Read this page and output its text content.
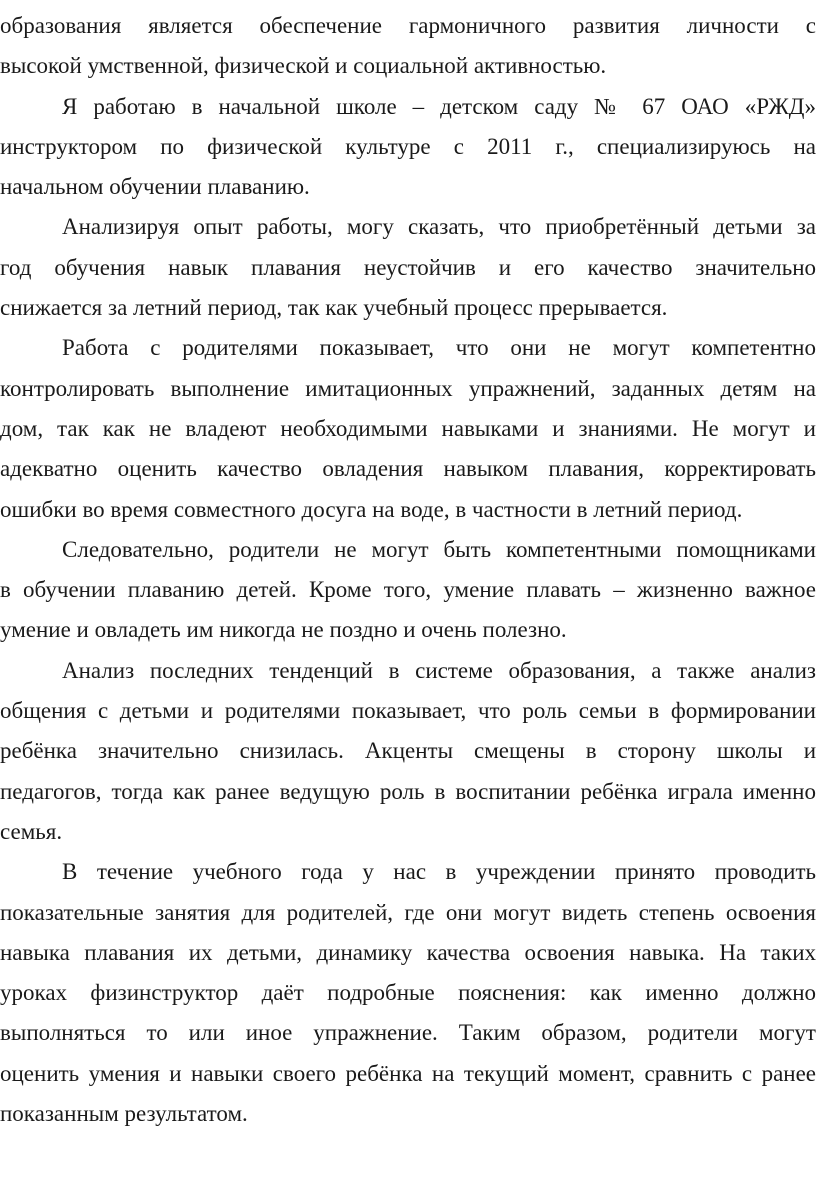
образования является обеспечение гармоничного развития личности с
высокой умственной, физической и социальной активностью.

Я работаю в начальной школе – детском саду № 67 ОАО «РЖД»
инструктором по физической культуре с 2011 г., специализируюсь на
начальном обучении плаванию.

Анализируя опыт работы, могу сказать, что приобретённый детьми за
год обучения навык плавания неустойчив и его качество значительно
снижается за летний период, так как учебный процесс прерывается.

Работа с родителями показывает, что они не могут компетентно
контролировать выполнение имитационных упражнений, заданных детям на
дом, так как не владеют необходимыми навыками и знаниями. Не могут и
адекватно оценить качество овладения навыком плавания, корректировать
ошибки во время совместного досуга на воде, в частности в летний период.

Следовательно, родители не могут быть компетентными помощниками
в обучении плаванию детей. Кроме того, умение плавать – жизненно важное
умение и овладеть им никогда не поздно и очень полезно.

Анализ последних тенденций в системе образования, а также анализ
общения с детьми и родителями показывает, что роль семьи в формировании
ребёнка значительно снизилась. Акценты смещены в сторону школы и
педагогов, тогда как ранее ведущую роль в воспитании ребёнка играла именно
семья.

В течение учебного года у нас в учреждении принято проводить
показательные занятия для родителей, где они могут видеть степень освоения
навыка плавания их детьми, динамику качества освоения навыка. На таких
уроках физинструктор даёт подробные пояснения: как именно должно
выполняться то или иное упражнение. Таким образом, родители могут
оценить умения и навыки своего ребёнка на текущий момент, сравнить с ранее
показанным результатом.
